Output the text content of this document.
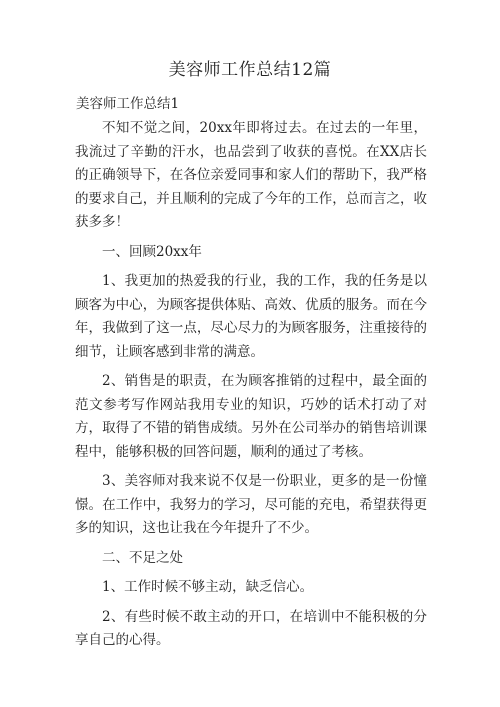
美容师工作总结12篇
美容师工作总结1

不知不觉之间，20xx年即将过去。在过去的一年里，我流过了辛勤的汗水，也品尝到了收获的喜悦。在XX店长的正确领导下，在各位亲爱同事和家人们的帮助下，我严格的要求自己，并且顺利的完成了今年的工作，总而言之，收获多多！

一、回顾20xx年

1、我更加的热爱我的行业，我的工作，我的任务是以顾客为中心，为顾客提供体贴、高效、优质的服务。而在今年，我做到了这一点，尽心尽力的为顾客服务，注重接待的细节，让顾客感到非常的满意。

2、销售是的职责，在为顾客推销的过程中，最全面的范文参考写作网站我用专业的知识，巧妙的话术打动了对方，取得了不错的销售成绩。另外在公司举办的销售培训课程中，能够积极的回答问题，顺利的通过了考核。

3、美容师对我来说不仅是一份职业，更多的是一份憧憬。在工作中，我努力的学习，尽可能的充电，希望获得更多的知识，这也让我在今年提升了不少。

二、不足之处

1、工作时候不够主动，缺乏信心。

2、有些时候不敢主动的开口，在培训中不能积极的分享自己的心得。
